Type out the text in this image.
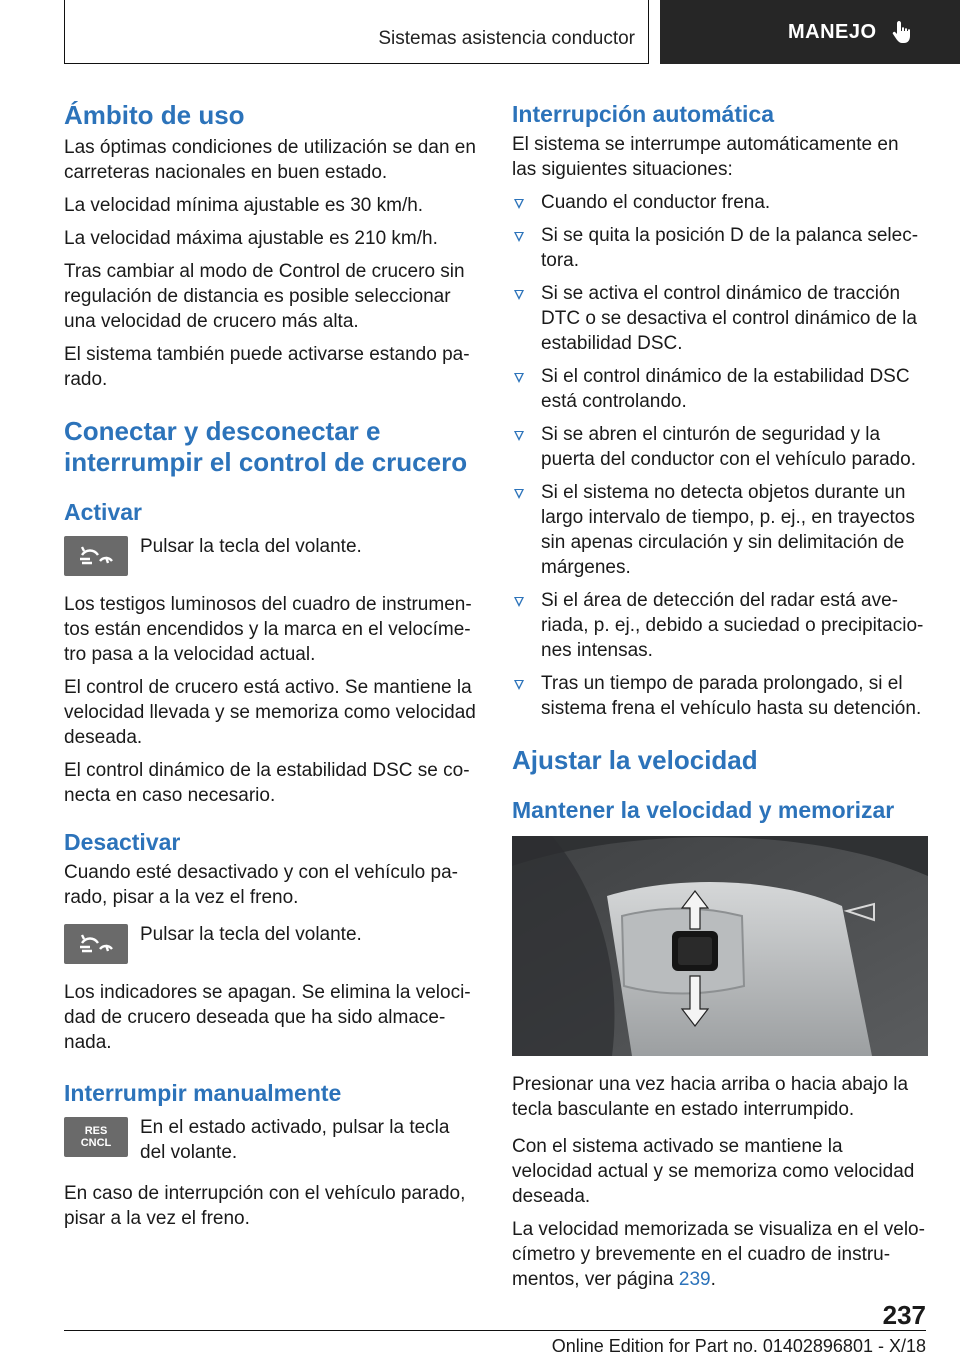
Sistemas asistencia conductor	MANEJO
Ámbito de uso

Las óptimas condiciones de utilización se dan en carreteras nacionales en buen estado.

La velocidad mínima ajustable es 30 km/h.

La velocidad máxima ajustable es 210 km/h.

Tras cambiar al modo de Control de crucero sin regulación de distancia es posible seleccionar una velocidad de crucero más alta.

El sistema también puede activarse estando pa‐rado.

Conectar y desconectar e interrumpir el control de crucero
Activar
Pulsar la tecla del volante.

Los testigos luminosos del cuadro de instrumen‐tos están encendidos y la marca en el velocíme‐tro pasa a la velocidad actual.

El control de crucero está activo. Se mantiene la velocidad llevada y se memoriza como velocidad deseada.

El control dinámico de la estabilidad DSC se co‐necta en caso necesario.

Desactivar

Cuando esté desactivado y con el vehículo pa‐rado, pisar a la vez el freno.

Pulsar la tecla del volante.

Los indicadores se apagan. Se elimina la veloci‐dad de crucero deseada que ha sido almace‐nada.

Interrumpir manualmente
RES
CNCL
En el estado activado, pulsar la tecla del volante.

En caso de interrupción con el vehículo parado, pisar a la vez el freno.

Interrupción automática

El sistema se interrumpe automáticamente en las siguientes situaciones:

Cuando el conductor frena.
Si se quita la posición D de la palanca selec‐tora.
Si se activa el control dinámico de tracción DTC o se desactiva el control dinámico de la estabilidad DSC.
Si el control dinámico de la estabilidad DSC está controlando.
Si se abren el cinturón de seguridad y la puerta del conductor con el vehículo parado.
Si el sistema no detecta objetos durante un largo intervalo de tiempo, p. ej., en trayectos sin apenas circulación y sin delimitación de márgenes.
Si el área de detección del radar está ave‐riada, p. ej., debido a suciedad o precipitacio‐nes intensas.
Tras un tiempo de parada prolongado, si el sistema frena el vehículo hasta su detención.
Ajustar la velocidad
Mantener la velocidad y memorizar

Presionar una vez hacia arriba o hacia abajo la tecla basculante en estado interrumpido.

Con el sistema activado se mantiene la velocidad actual y se memoriza como velocidad deseada.

La velocidad memorizada se visualiza en el velo‐címetro y brevemente en el cuadro de instru‐mentos, ver página 239.

237
Online Edition for Part no. 01402896801 - X/18
